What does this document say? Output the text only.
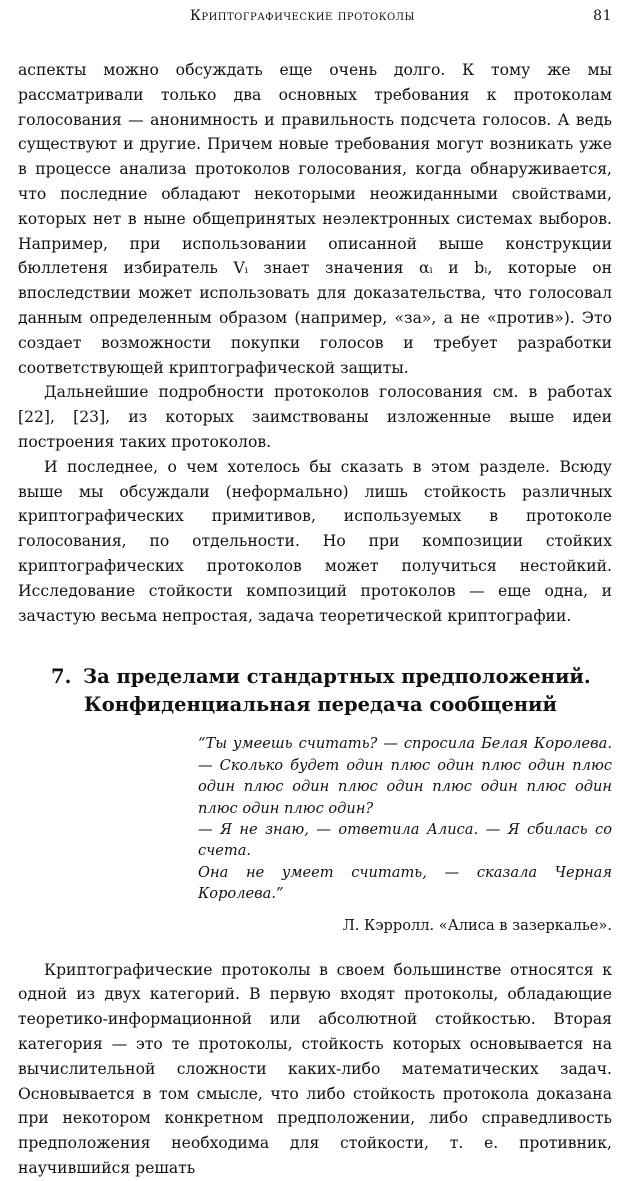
Криптографические протоколы	81

аспекты можно обсуждать еще очень долго. К тому же мы рассматривали только два основных требования к протоколам голосования — анонимность и правильность подсчета голосов. А ведь существуют и другие. Причем новые требования могут возникать уже в процессе анализа протоколов голосования, когда обнаруживается, что последние обладают некоторыми неожиданными свойствами, которых нет в ныне общепринятых неэлектронных системах выборов. Например, при использовании описанной выше конструкции бюллетеня избиратель Vᵢ знает значения αᵢ и bᵢ, которые он впоследствии может использовать для доказательства, что голосовал данным определенным образом (например, «за», а не «против»). Это создает возможности покупки голосов и требует разработки соответствующей криптографической защиты.

Дальнейшие подробности протоколов голосования см. в работах [22], [23], из которых заимствованы изложенные выше идеи построения таких протоколов.

И последнее, о чем хотелось бы сказать в этом разделе. Всюду выше мы обсуждали (неформально) лишь стойкость различных криптографических примитивов, используемых в протоколе голосования, по отдельности. Но при композиции стойких криптографических протоколов может получиться нестойкий. Исследование стойкости композиций протоколов — еще одна, и зачастую весьма непростая, задача теоретической криптографии.

7. За пределами стандартных предположений.
Конфиденциальная передача сообщений

“Ты умеешь считать? — спросила Белая Королева.— Сколько будет один плюс один плюс один плюс один плюс один плюс один плюс один плюс один плюс один плюс один?

— Я не знаю, — ответила Алиса. — Я сбилась со счета.

Она не умеет считать, — сказала Черная Королева.”

Л. Кэрролл. «Алиса в зазеркалье».

Криптографические протоколы в своем большинстве относятся к одной из двух категорий. В первую входят протоколы, обладающие теоретико-информационной или абсолютной стойкостью. Вторая категория — это те протоколы, стойкость которых основывается на вычислительной сложности каких-либо математических задач. Основывается в том смысле, что либо стойкость протокола доказана при некотором конкретном предположении, либо справедливость предположения необходима для стойкости, т. е. противник, научившийся решать
